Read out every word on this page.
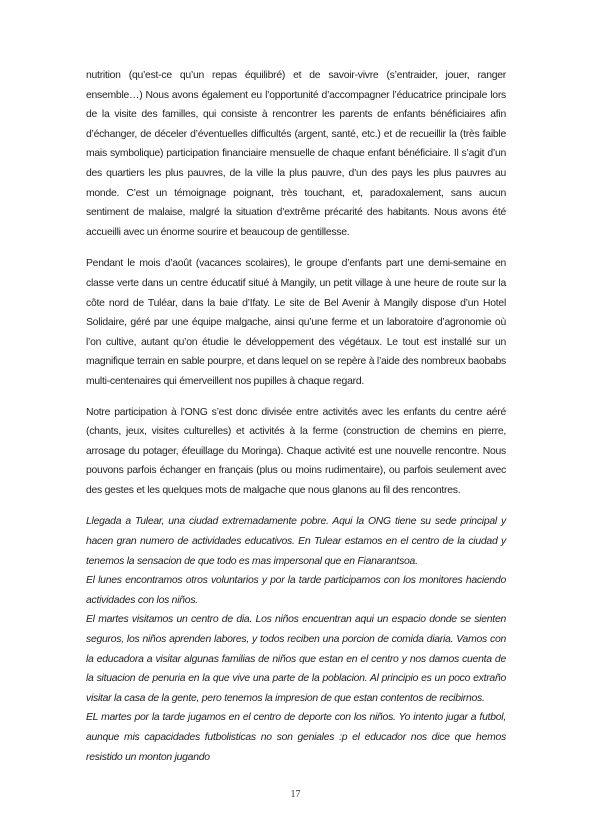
nutrition (qu’est-ce qu’un repas équilibré) et de savoir-vivre (s’entraider, jouer, ranger ensemble…) Nous avons également eu l’opportunité d’accompagner l’éducatrice principale lors de la visite des familles, qui consiste à rencontrer les parents de enfants bénéficiaires afin d’échanger, de déceler d’éventuelles difficultés (argent, santé, etc.) et de recueillir la (très faible mais symbolique) participation financiaire mensuelle de chaque enfant bénéficiaire. Il s’agit d’un des quartiers les plus pauvres, de la ville la plus pauvre, d’un des pays les plus pauvres au monde. C’est un témoignage poignant, très touchant, et, paradoxalement, sans aucun sentiment de malaise, malgré la situation d’extrême précarité des habitants. Nous avons été accueilli avec un énorme sourire et beaucoup de gentillesse.

Pendant le mois d’août (vacances scolaires), le groupe d’enfants part une demi-semaine en classe verte dans un centre éducatif situé à Mangily, un petit village à une heure de route sur la côte nord de Tuléar, dans la baie d’Ifaty. Le site de Bel Avenir à Mangily dispose d’un Hotel Solidaire, géré par une équipe malgache, ainsi qu’une ferme et un laboratoire d’agronomie où l’on cultive, autant qu’on étudie le développement des végétaux. Le tout est installé sur un magnifique terrain en sable pourpre, et dans lequel on se repère à l’aide des nombreux baobabs multi-centenaires qui émerveillent nos pupilles à chaque regard.

Notre participation à l’ONG s’est donc divisée entre activités avec les enfants du centre aéré (chants, jeux, visites culturelles) et activités à la ferme (construction de chemins en pierre, arrosage du potager, éfeuillage du Moringa). Chaque activité est une nouvelle rencontre. Nous pouvons parfois échanger en français (plus ou moins rudimentaire), ou parfois seulement avec des gestes et les quelques mots de malgache que nous glanons au fil des rencontres.

Llegada a Tulear, una ciudad extremadamente pobre. Aqui la ONG tiene su sede principal y hacen gran numero de actividades educativos. En Tulear estamos en el centro de la ciudad y tenemos la sensacion de que todo es mas impersonal que en Fianarantsoa.

El lunes encontramos otros voluntarios y por la tarde participamos con los monitores haciendo actividades con los niños.

El martes visitamos un centro de dia. Los niños encuentran aqui un espacio donde se sienten seguros, los niños aprenden labores, y todos reciben una porcion de comida diaria. Vamos con la educadora a visitar algunas familias de niños que estan en el centro y nos damos cuenta de la situacion de penuria en la que vive una parte de la poblacion. Al principio es un poco extraño visitar la casa de la gente, pero tenemos la impresion de que estan contentos de recibirnos.

EL martes por la tarde jugamos en el centro de deporte con los niños. Yo intento jugar a futbol, aunque mis capacidades futbolisticas no son geniales :p el educador nos dice que hemos resistido un monton jugando

17
